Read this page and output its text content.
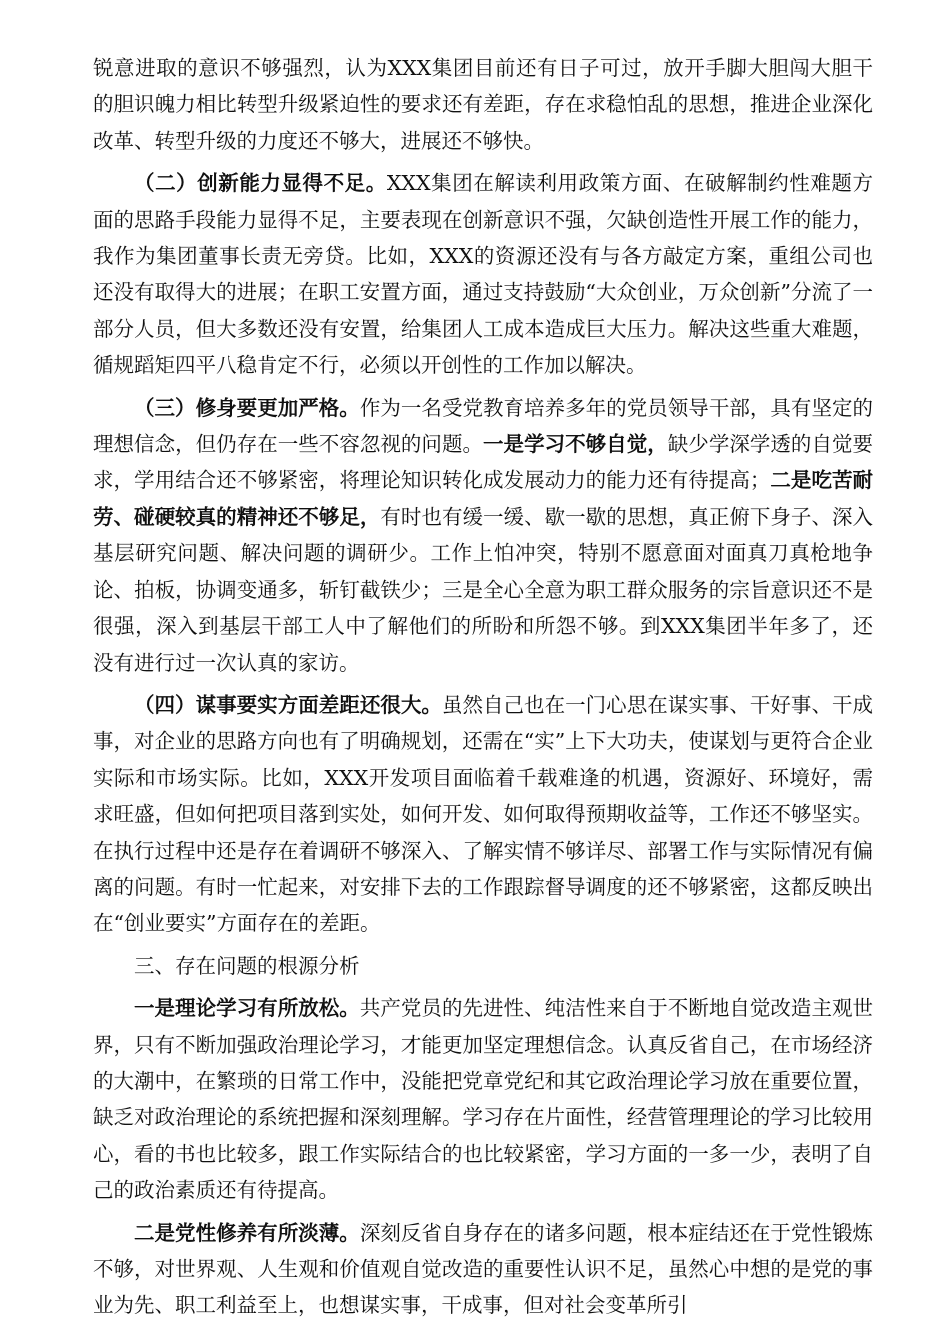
锐意进取的意识不够强烈，认为XXX集团目前还有日子可过，放开手脚大胆闯大胆干的胆识魄力相比转型升级紧迫性的要求还有差距，存在求稳怕乱的思想，推进企业深化改革、转型升级的力度还不够大，进展还不够快。

（二）创新能力显得不足。XXX集团在解读利用政策方面、在破解制约性难题方面的思路手段能力显得不足，主要表现在创新意识不强，欠缺创造性开展工作的能力，我作为集团董事长责无旁贷。比如，XXX的资源还没有与各方敲定方案，重组公司也还没有取得大的进展；在职工安置方面，通过支持鼓励“大众创业，万众创新”分流了一部分人员，但大多数还没有安置，给集团人工成本造成巨大压力。解决这些重大难题，循规蹈矩四平八稳肯定不行，必须以开创性的工作加以解决。

（三）修身要更加严格。作为一名受党教育培养多年的党员领导干部，具有坚定的理想信念，但仍存在一些不容忽视的问题。一是学习不够自觉，缺少学深学透的自觉要求，学用结合还不够紧密，将理论知识转化成发展动力的能力还有待提高；二是吃苦耐劳、碰硬较真的精神还不够足，有时也有缓一缓、歇一歇的思想，真正俯下身子、深入基层研究问题、解决问题的调研少。工作上怕冲突，特别不愿意面对面真刀真枪地争论、拍板，协调变通多，斩钉截铁少；三是全心全意为职工群众服务的宗旨意识还不是很强，深入到基层干部工人中了解他们的所盼和所怨不够。到XXX集团半年多了，还没有进行过一次认真的家访。

（四）谋事要实方面差距还很大。虽然自己也在一门心思在谋实事、干好事、干成事，对企业的思路方向也有了明确规划，还需在“实”上下大功夫，使谋划与更符合企业实际和市场实际。比如，XXX开发项目面临着千载难逢的机遇，资源好、环境好，需求旺盛，但如何把项目落到实处，如何开发、如何取得预期收益等，工作还不够坚实。在执行过程中还是存在着调研不够深入、了解实情不够详尽、部署工作与实际情况有偏离的问题。有时一忙起来，对安排下去的工作跟踪督导调度的还不够紧密，这都反映出在“创业要实”方面存在的差距。

三、存在问题的根源分析

一是理论学习有所放松。共产党员的先进性、纯洁性来自于不断地自觉改造主观世界，只有不断加强政治理论学习，才能更加坚定理想信念。认真反省自己，在市场经济的大潮中，在繁琐的日常工作中，没能把党章党纪和其它政治理论学习放在重要位置，缺乏对政治理论的系统把握和深刻理解。学习存在片面性，经营管理理论的学习比较用心，看的书也比较多，跟工作实际结合的也比较紧密，学习方面的一多一少，表明了自己的政治素质还有待提高。

二是党性修养有所淡薄。深刻反省自身存在的诸多问题，根本症结还在于党性锻炼不够，对世界观、人生观和价值观自觉改造的重要性认识不足，虽然心中想的是党的事业为先、职工利益至上，也想谋实事，干成事，但对社会变革所引
